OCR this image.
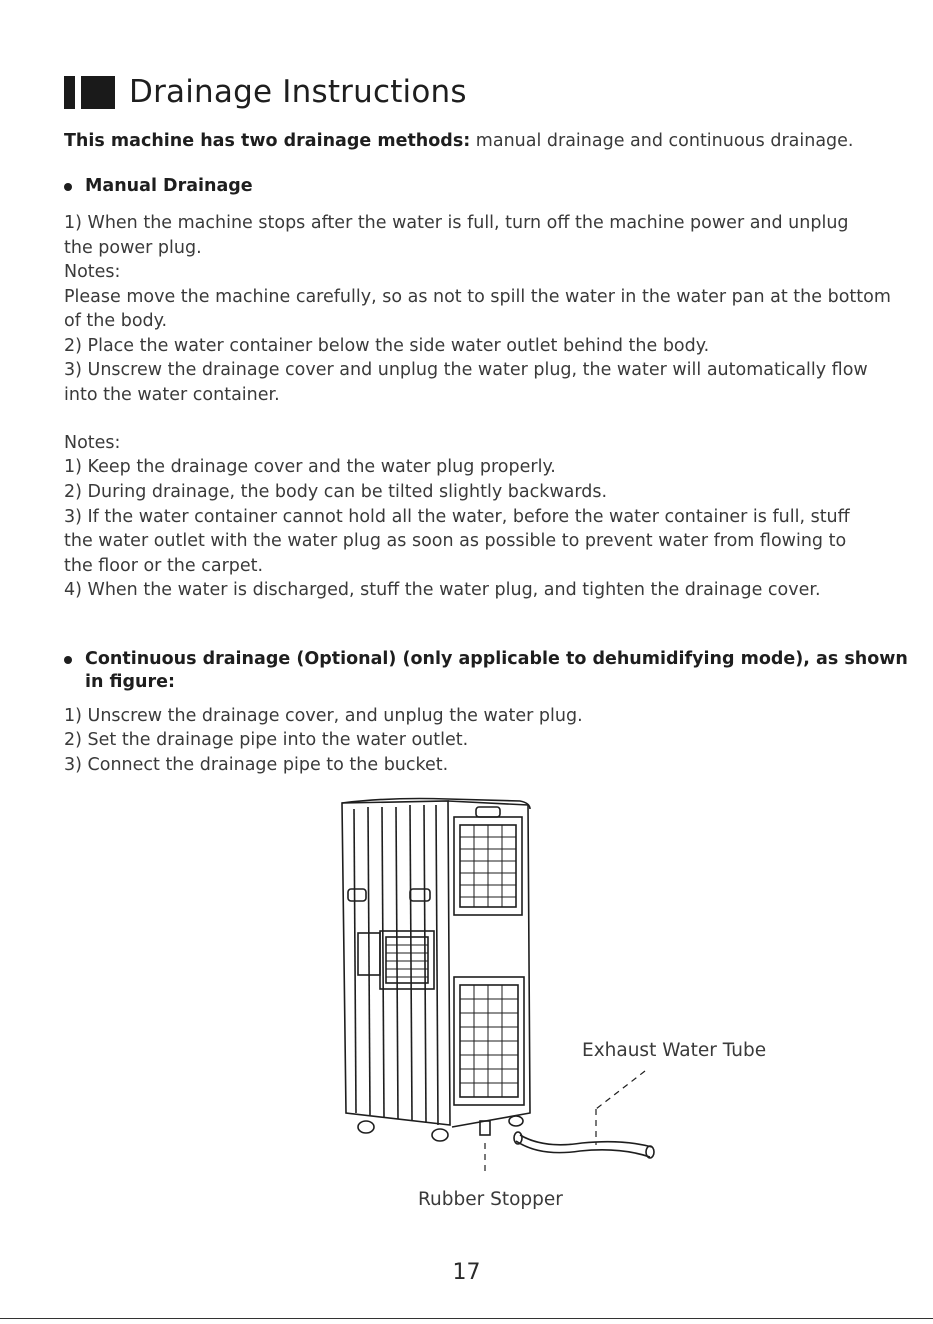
Drainage Instructions
This machine has two drainage methods: manual drainage and continuous drainage.
Manual Drainage
1) When the machine stops after the water is full, turn off the machine power and unplug
the power plug.
Notes:
Please move the machine carefully, so as not to spill the water in the water pan at the bottom
of the body.
2) Place the water container below the side water outlet behind the body.
3) Unscrew the drainage cover and unplug the water plug, the water will automatically flow
into the water container.
Notes:
1) Keep the drainage cover and the water plug properly.
2) During drainage, the body can be tilted slightly backwards.
3) If the water container cannot hold all the water, before the water container is full, stuff
the water outlet with the water plug as soon as possible to prevent water from flowing to
the floor or the carpet.
4) When the water is discharged, stuff the water plug, and tighten the drainage cover.
Continuous drainage (Optional) (only applicable to dehumidifying mode), as shown
in figure:
1) Unscrew the drainage cover, and unplug the water plug.
2) Set the drainage pipe into the water outlet.
3) Connect the drainage pipe to the bucket.
Exhaust Water Tube
Rubber Stopper
17
